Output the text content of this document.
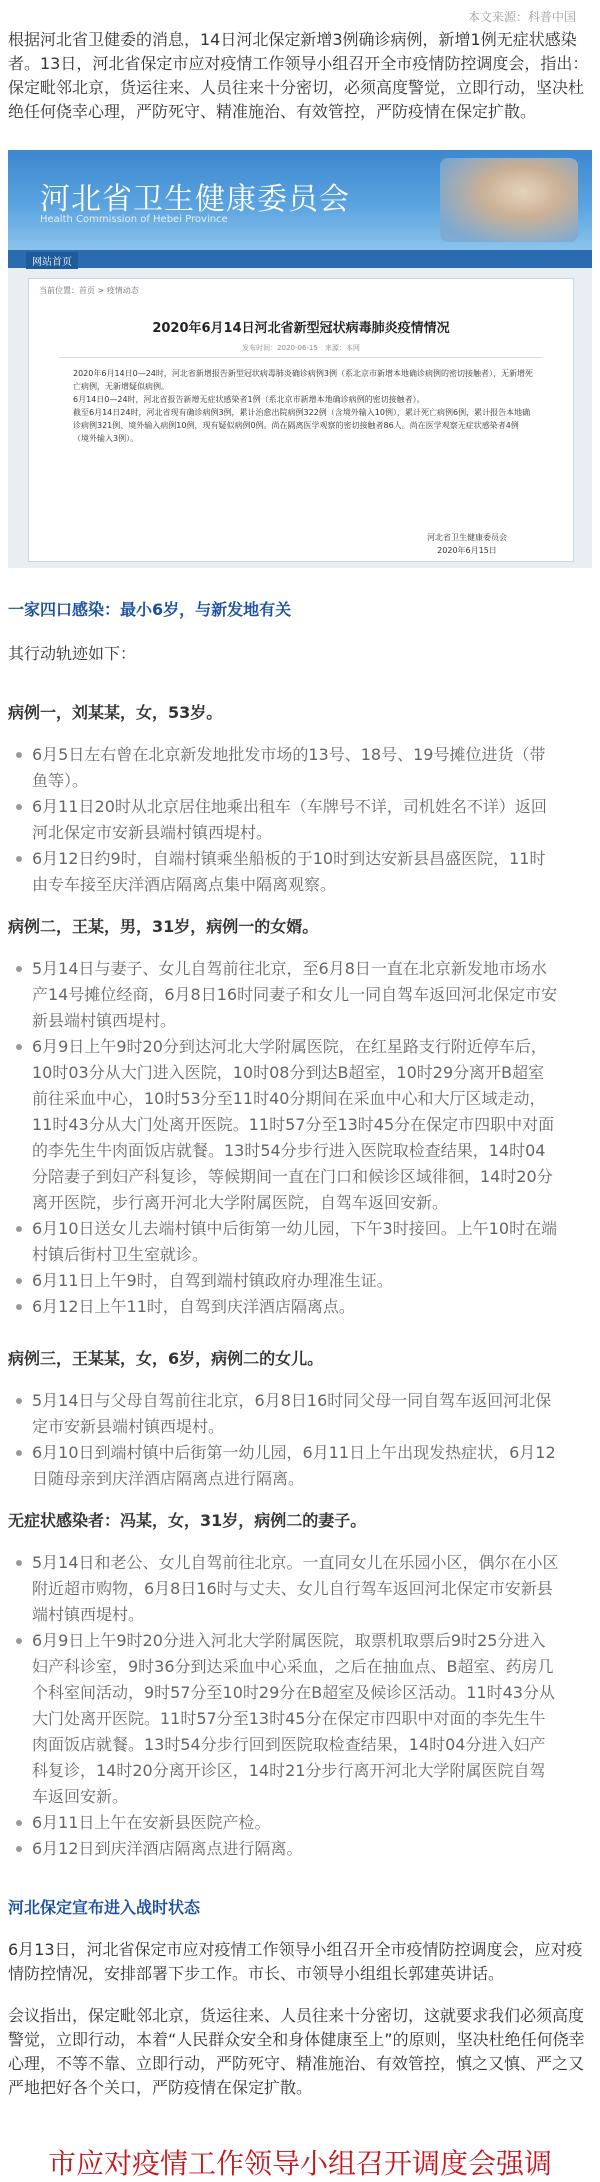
本文来源：科普中国
根据河北省卫健委的消息，14日河北保定新增3例确诊病例，新增1例无症状感染者。13日，河北省保定市应对疫情工作领导小组召开全市疫情防控调度会，指出：保定毗邻北京，货运往来、人员往来十分密切，必须高度警觉，立即行动，坚决杜绝任何侥幸心理，严防死守、精准施治、有效管控，严防疫情在保定扩散。
河北省卫生健康委员会
Health Commission of Hebei Province
网站首页
当前位置：首页 > 疫情动态
2020年6月14日河北省新型冠状病毒肺炎疫情情况
发布时间：2020-06-15　来源：本网

2020年6月14日0—24时，河北省新增报告新型冠状病毒肺炎确诊病例3例（系北京市新增本地确诊病例的密切接触者），无新增死亡病例，无新增疑似病例。

6月14日0—24时，河北省报告新增无症状感染者1例（系北京市新增本地确诊病例的密切接触者）。

截至6月14日24时，河北省现有确诊病例3例，累计治愈出院病例322例（含境外输入10例），累计死亡病例6例，累计报告本地确诊病例321例、境外输入病例10例，现有疑似病例0例。尚在隔离医学观察的密切接触者86人。尚在医学观察无症状感染者4例（境外输入3例）。

河北省卫生健康委员会
2020年6月15日
一家四口感染：最小6岁，与新发地有关
其行动轨迹如下：
病例一，刘某某，女，53岁。
6月5日左右曾在北京新发地批发市场的13号、18号、19号摊位进货（带鱼等）。
6月11日20时从北京居住地乘出租车（车牌号不详，司机姓名不详）返回河北保定市安新县端村镇西堤村。
6月12日约9时，自端村镇乘坐船板的于10时到达安新县昌盛医院，11时由专车接至庆洋酒店隔离点集中隔离观察。
病例二，王某，男，31岁，病例一的女婿。
5月14日与妻子、女儿自驾前往北京，至6月8日一直在北京新发地市场水产14号摊位经商，6月8日16时同妻子和女儿一同自驾车返回河北保定市安新县端村镇西堤村。
6月9日上午9时20分到达河北大学附属医院，在红星路支行附近停车后，10时03分从大门进入医院，10时08分到达B超室，10时29分离开B超室前往采血中心，10时53分至11时40分期间在采血中心和大厅区域走动，11时43分从大门处离开医院。11时57分至13时45分在保定市四职中对面的李先生牛肉面饭店就餐。13时54分步行进入医院取检查结果，14时04分陪妻子到妇产科复诊，等候期间一直在门口和候诊区域徘徊，14时20分离开医院，步行离开河北大学附属医院，自驾车返回安新。
6月10日送女儿去端村镇中后街第一幼儿园，下午3时接回。上午10时在端村镇后街村卫生室就诊。
6月11日上午9时，自驾到端村镇政府办理准生证。
6月12日上午11时，自驾到庆洋酒店隔离点。
病例三，王某某，女，6岁，病例二的女儿。
5月14日与父母自驾前往北京，6月8日16时同父母一同自驾车返回河北保定市安新县端村镇西堤村。
6月10日到端村镇中后街第一幼儿园，6月11日上午出现发热症状，6月12日随母亲到庆洋酒店隔离点进行隔离。
无症状感染者：冯某，女，31岁，病例二的妻子。
5月14日和老公、女儿自驾前往北京。一直同女儿在乐园小区，偶尔在小区附近超市购物，6月8日16时与丈夫、女儿自行驾车返回河北保定市安新县端村镇西堤村。
6月9日上午9时20分进入河北大学附属医院，取票机取票后9时25分进入妇产科诊室，9时36分到达采血中心采血，之后在抽血点、B超室、药房几个科室间活动，9时57分至10时29分在B超室及候诊区活动。11时43分从大门处离开医院。11时57分至13时45分在保定市四职中对面的李先生牛肉面饭店就餐。13时54分步行回到医院取检查结果，14时04分进入妇产科复诊，14时20分离开诊区，14时21分步行离开河北大学附属医院自驾车返回安新。
6月11日上午在安新县医院产检。
6月12日到庆洋酒店隔离点进行隔离。
河北保定宣布进入战时状态
6月13日，河北省保定市应对疫情工作领导小组召开全市疫情防控调度会，应对疫情防控情况，安排部署下步工作。市长、市领导小组组长郭建英讲话。
会议指出，保定毗邻北京，货运往来、人员往来十分密切，这就要求我们必须高度警觉，立即行动，本着“人民群众安全和身体健康至上”的原则，坚决杜绝任何侥幸心理，不等不靠、立即行动，严防死守、精准施治、有效管控，慎之又慎、严之又严地把好各个关口，严防疫情在保定扩散。
市应对疫情工作领导小组召开调度会强调
